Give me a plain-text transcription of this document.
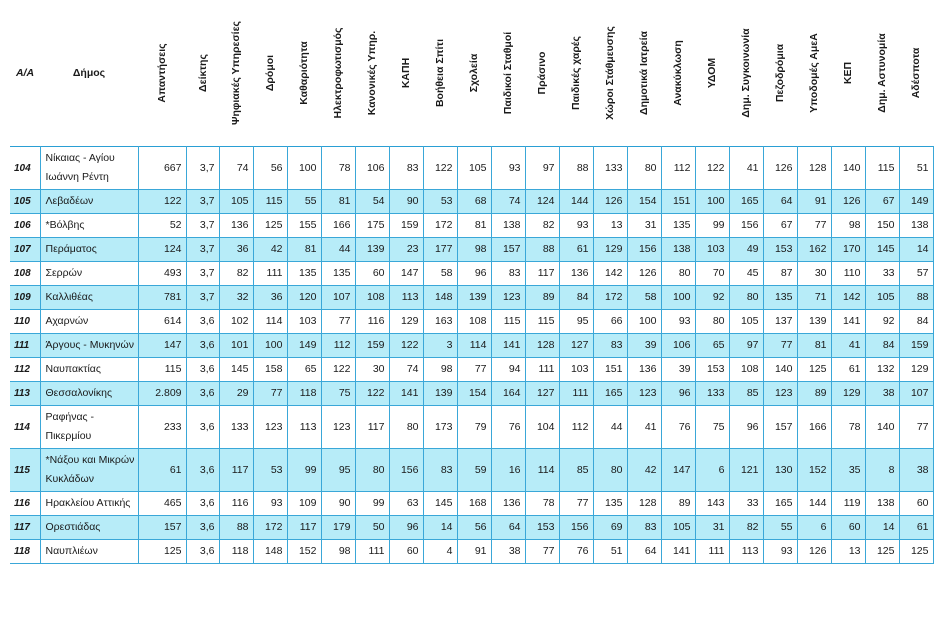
Α/Α	Δήμος	Απαντήσεις	Δείκτης	Ψηφιακές Υπηρεσίες	Δρόμοι	Καθαριότητα	Ηλεκτροφωτισμός	Κανονικές Υπηρ.	ΚΑΠΗ	Βοήθεια Σπίτι	Σχολεία	Παιδικοί Σταθμοί	Πράσινο	Παιδικές χαρές	Χώροι Στάθμευσης	Δημοτικά Ιατρεία	Ανακύκλωση	ΥΔΟΜ	Δημ. Συγκοινωνία	Πεζοδρόμια	Υποδομές ΑμεΑ	ΚΕΠ	Δημ. Αστυνομία	Αδέσποτα

104	Νίκαιας - Αγίου Ιωάννη Ρέντη	667	3,7	74	56	100	78	106	83	122	105	93	97	88	133	80	112	122	41	126	128	140	115	51
105	Λεβαδέων	122	3,7	105	115	55	81	54	90	53	68	74	124	144	126	154	151	100	165	64	91	126	67	149
106	*Βόλβης	52	3,7	136	125	155	166	175	159	172	81	138	82	93	13	31	135	99	156	67	77	98	150	138
107	Περάματος	124	3,7	36	42	81	44	139	23	177	98	157	88	61	129	156	138	103	49	153	162	170	145	14
108	Σερρών	493	3,7	82	111	135	135	60	147	58	96	83	117	136	142	126	80	70	45	87	30	110	33	57
109	Καλλιθέας	781	3,7	32	36	120	107	108	113	148	139	123	89	84	172	58	100	92	80	135	71	142	105	88
110	Αχαρνών	614	3,6	102	114	103	77	116	129	163	108	115	115	95	66	100	93	80	105	137	139	141	92	84
111	Άργους - Μυκηνών	147	3,6	101	100	149	112	159	122	3	114	141	128	127	83	39	106	65	97	77	81	41	84	159
112	Ναυπακτίας	115	3,6	145	158	65	122	30	74	98	77	94	111	103	151	136	39	153	108	140	125	61	132	129
113	Θεσσαλονίκης	2.809	3,6	29	77	118	75	122	141	139	154	164	127	111	165	123	96	133	85	123	89	129	38	107
114	Ραφήνας - Πικερμίου	233	3,6	133	123	113	123	117	80	173	79	76	104	112	44	41	76	75	96	157	166	78	140	77
115	*Νάξου και Μικρών Κυκλάδων	61	3,6	117	53	99	95	80	156	83	59	16	114	85	80	42	147	6	121	130	152	35	8	38
116	Ηρακλείου Αττικής	465	3,6	116	93	109	90	99	63	145	168	136	78	77	135	128	89	143	33	165	144	119	138	60
117	Ορεστιάδας	157	3,6	88	172	117	179	50	96	14	56	64	153	156	69	83	105	31	82	55	6	60	14	61
118	Ναυπλιέων	125	3,6	118	148	152	98	111	60	4	91	38	77	76	51	64	141	111	113	93	126	13	125	125
